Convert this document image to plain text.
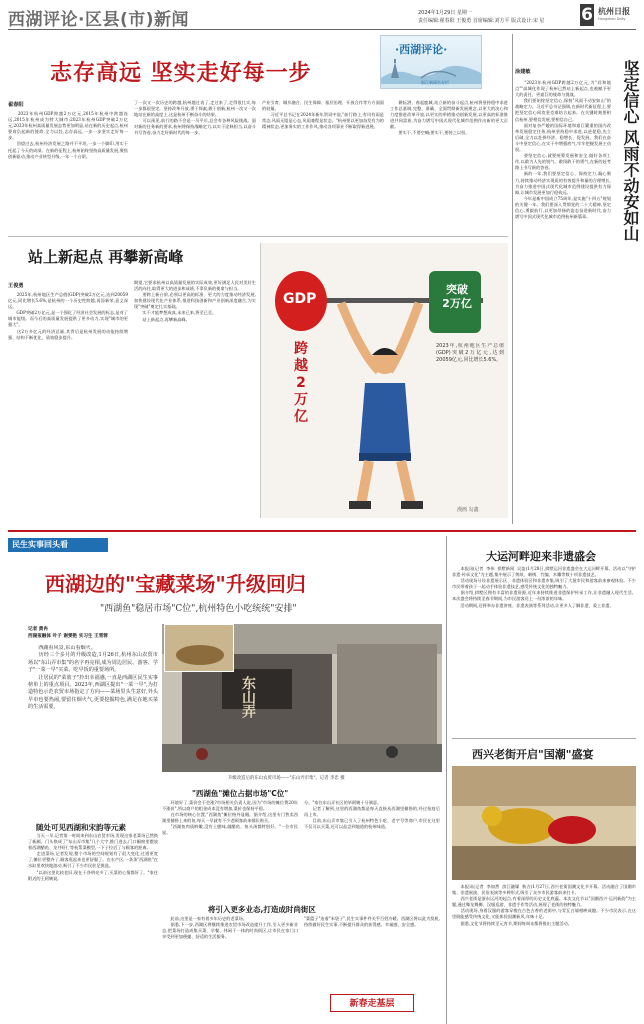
西湖评论·区县(市)新闻	2024年1月29日 星期一
责任编辑:翟春阳 王俊勇 首席编辑:刘方平 版式设计:宋 星 6 杭州日报
Hangzhou Daily
志存高远 坚实走好每一步
·西湖评论·
浙江新闻名专栏
翟春阳
　　2023年杭州GDP跨越2万亿元,2015年杭州中跨越连远,2015年杭州成为特大城市;2023年杭州GDP突破2万亿元,2023年杭州高质量发展态势更加明显,站在新的历史起点,杭州要肩负起新的使命,全力以赴,志存高远,一步一步坚实走好每一步。
　　回望过去,杭州经济发展之路并不平坦,一步一个脚印,用实干托起了今天的成绩。在新的征程上,杭州始终坚持高质量发展,聚焦创新驱动,推动产业转型升级,一年一个台阶。
了一次又一次历史的跨越,杭州越过表了,走过来了,走得很扎实,每一步都很坚定。坚持改革开放,勇于探索,敢于创新,杭州一次又一次地站在新的高度上,这是杭州不断奋斗的结果。
　　可以预见,前行的路不会是一马平川,总会有各种风险挑战。面对新的任务新的要求,杭州将保持战略定力,以实干诠释担当,以奋斗书写答卷,奋力走好新时代的每一步。
产业引育、城乡融合、民生保障、基层治理、开放合作等方方面面的较量。
　　习近平总书记在2024年新年贺词中说,"前行路上,有风有雨是常态,风雨无阻是心态,风雨兼程是状态。"杭州要以更加奋发有为的精神状态,更加务实的工作作风,推动各项事业不断取得新进展。
　　耕耘洒、春起鹿城,站立新的奋斗起点,杭州将坚持稳中求进工作总基调,完整、准确、全面贯彻新发展理念,以更大的决心和力度推进改革开放,以更实的举措推动创新发展,以更高的标准推进共同富裕,为奋力谱写中国式现代化城市范例作出新的更大贡献。
　　要实干,不要空喊;要实干,要持之以恒。
涂建敏	坚定信心 风雨不动安如山
　　"2023年杭州GDP跨越2万亿元,为"祥和地点""高城化作现了杭州已然站上新起点,也被赋予更大的责任、更艰巨的使命与挑战。
　　我们要始终坚定信心,保持"风雨不动安如山"的战略定力。习近平总书记强调,在新时代新征程上,要把坚定信心同攻坚克难结合起来。在关键时刻要相信杭州,要相信发展,要相信自己。
　　面对复杂严峻的国际环境和艰巨繁重的国内改革发展稳定任务,杭州坚持稳中求进,以进促稳,先立后破,全力以赴拼经济、稳增长、促发展。我们在奋斗中坚定信心,在实干中增强底气,牢牢把握发展主动权。
　　要坚定信心,就要统筹发展和安全,做好各项工作,以敢为人先的锐气、敢闯敢干的勇气,在新的赶考路上书写新的答卷。
　　新的一年,我们要坚定信心、保持定力,凝心聚力,持续推动经济实现质的有效提升和量的合理增长,为奋力推进中国式现代化城市范例建设提供有力保障,让城市发展更加行稳致远。
　　今年是新中国成立75周年,是实施"十四五"规划的关键一年。我们要深入贯彻党的二十大精神,坚定信心,勇毅前行,以更加昂扬的姿态奋进新时代,奋力谱写中国式现代化城市范例杭州新篇章。
站上新起点 再攀新高峰
王俊勇
　　2025年,杭州地区生产总值(GDP)突破2万亿元,达到20059亿元,同比增长5.6%,是杭州的一个历史性跨越,再添新荣,意义深远。
　　GDP突破2万亿元,是一个强化了经济社会发展的标志,是对了城市能级。而今后的高质量发展提供了更多动力,实现"城市的更强大"。
　　这2万多亿元的经济总量,其背后是杭州发展的动能持续增强、结构不断优化、质效稳步提升。
期望,它要求杭州以高质量发展的实际成效,更好满足人民对美好生活的向往,取得更大的进步和成绩,不辜负新的使命与担当。
　　要跨上新台阶,必须以更高的标准、更大的力度推动经济发展,加快建设现代化产业体系,推进科技创新和产业创新深度融合,为实现"突破"奠定扎实基础。
　　实干才能梦想成真,未来已来,将至已至。
　　站上新起点,再攀新高峰。
GDP
突破
2万亿
跨越
2
万亿
2023年,杭州地区生产总值(GDP)突破2万亿元,达到20059亿元,同比增长5.6%。
漫画 勾鑫
民生实事回头看
西湖边的"宝藏菜场"升级回归
"西湖鱼"稳居市场"C位",杭州特色小吃统统"安排"
记者 黄冉
西湖报融体 叶子 谢雯艳 实习生 王雪蓉
　　西湖看风景,东山看烟火。
　　历经三个多月的升级改造,1月26日,杭州东山农贸市场以"东山弄市集"的名字再亮相,成为周边居民、游客、学子"一菜一早"买菜、吃早饭的重要场所。
　　让居民的"菜篮子"拎出幸福感,一直是西湖区民生实事榜单上的重点项目。2023年,西湖区提出"一菜一早",为打造特色示范农贸市场指定了方向——菜场里头生意好,外头早市也要热闹,要留住烟火气,更要挖掘特色,满足在地买菜的生活需要。	东山弄
升级改造后的东山农贸市场——"东山弄市集"。记者 李忠 摄
随处可见西湖和宋韵等元素
　　当天一早,记者第一时间来到东山农贸市场,发现这家老菜场已然换了新颜。门头换成了"东山弄市集"几个大字,推门进去,门口橱窗里摆放着西湖醋鱼、龙井虾仁等杭帮菜模型,一下子拉近了与顾客的距离。
　　走进菜场,记者发现,整个市场的空间规划有了很大变化,过道更宽了,摊位更整齐了,顾客逛起来也更舒服了。在水产区,一条条"西湖鱼"在水缸里欢快地游动,吸引了不少市民驻足挑选。
　　"以前这里比较老旧,现在干净明亮多了,买菜的心情都好了。"家住附近的王阿姨说。
"西湖鱼"摊位占据市场"C位"
　　环境好了,菜价会不会涨?市场相关负责人说,因为"市场的摊位费20年不涨价",所以商户的租金成本没有增加,菜价也保持平稳。
　　在市场的核心位置,"西湖鱼"摊位格外显眼。据介绍,这里专门售卖西湖里捕捞上来的鱼,每天一早就有不少老顾客前来排队购买。
　　"西湖鱼肉质鲜嫩,没有土腥味,做醋鱼、鱼头汤都特别好。"一位市民说。
分。"家住东山弄社区的毕阿姨十分满意。
　　记者了解到,这里的西湖鱼都是每天直接从西湖里捕捞的,经过检疫后再上市。
　　目前,东山弄市集已引入了杭州特色小吃、老字号等商户,市民在这里不仅可以买菜,还可以品尝到地道的杭州味道。
将引入更多业态,打造成时尚街区
　　此前,这里是一家有着多年历史的老菜场。
　　据悉,下一步,西湖区将继续推进农贸市场改造提升工作,引入更多新业态,把菜场打造成集买菜、早餐、休闲于一体的时尚街区,让市民在家门口享受到更加便捷、舒适的生活服务。
"菜篮子"连着"米袋子",民生实事件件关乎百姓冷暖。西湖区将以此为契机,持续做好民生实事,不断提升群众的获得感、幸福感、安全感。
新春走基层
大运河畔迎来非遗盛会
　　本报讯(记者  李伟  拱墅新闻  吴姿)1月28日,拱墅运河非遗盛会在大运河畔开幕。活动以"守护非遗·传承文化"为主题,集中展示了剪纸、刺绣、竹编、木雕等数十项非遗技艺。
　　活动现场分设非遗展示区、非遗体验区和非遗市集,吸引了大批市民和游客前来参观体验。不少市民带着孩子一起动手体验非遗技艺,感受传统文化的独特魅力。
　　据介绍,拱墅区拥有丰富的非遗资源,近年来持续推进非遗保护传承工作,让非遗融入现代生活。本次盛会将持续至春节期间,为市民游客送上一份浓浓的年味。
　　活动期间,还将举办非遗讲座、非遗表演等系列活动,让更多人了解非遗、爱上非遗。
西兴老街开启"国潮"盛宴
　　本报讯(记者  李如然  滨江融媒  秋吉)1月27日,西兴老街国潮文化节开幕。活动融合了国潮市集、非遗展演、民俗表演等多种形式,吸引了众多市民游客前来打卡。
　　西兴老街是浙东运河的起点,有着深厚的历史文化底蕴。本次文化节以"国潮西兴·运河新韵"为主题,通过舞龙舞狮、汉服巡游、非遗手作等活动,展现了老街的独特魅力。
　　活动现场,身着汉服的游客穿梭在古色古香的老街中,与青瓦白墙相映成趣。不少市民表示,在这里既能感受传统文化,又能体验国潮新风,年味十足。
　　据悉,文化节将持续至元宵节,期间每周末都将推出主题活动。
